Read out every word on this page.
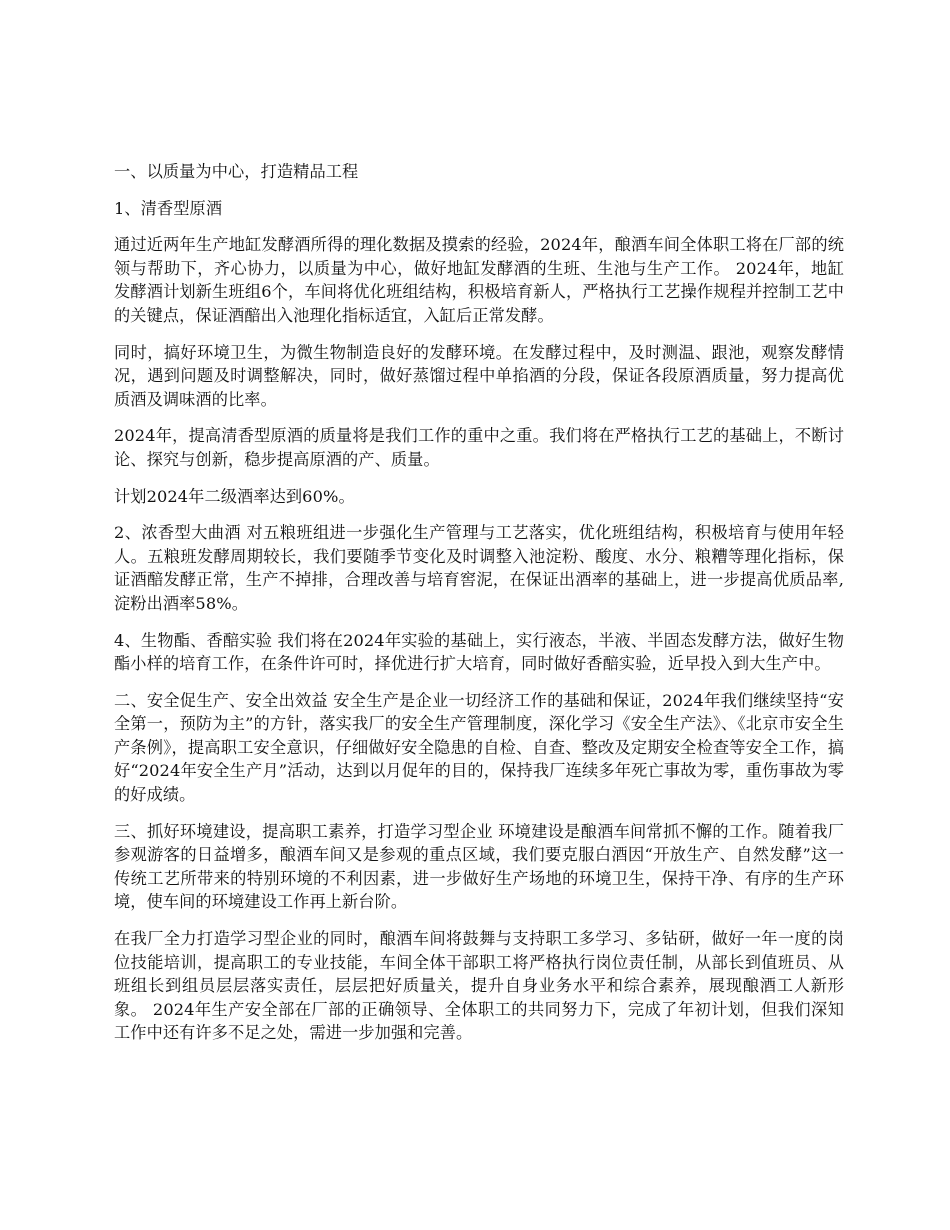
一、以质量为中心，打造精品工程

1、清香型原酒

通过近两年生产地缸发酵酒所得的理化数据及摸索的经验，2024年，酿酒车间全体职工将在厂部的统领与帮助下，齐心协力，以质量为中心，做好地缸发酵酒的生班、生池与生产工作。 2024年，地缸发酵酒计划新生班组6个，车间将优化班组结构，积极培育新人，严格执行工艺操作规程并控制工艺中的关键点，保证酒醅出入池理化指标适宜，入缸后正常发酵。

同时，搞好环境卫生，为微生物制造良好的发酵环境。在发酵过程中，及时测温、跟池，观察发酵情况，遇到问题及时调整解决，同时，做好蒸馏过程中单掐酒的分段，保证各段原酒质量，努力提高优质酒及调味酒的比率。

2024年，提高清香型原酒的质量将是我们工作的重中之重。我们将在严格执行工艺的基础上，不断讨论、探究与创新，稳步提高原酒的产、质量。

计划2024年二级酒率达到60%。

2、浓香型大曲酒 对五粮班组进一步强化生产管理与工艺落实，优化班组结构，积极培育与使用年轻人。五粮班发酵周期较长，我们要随季节变化及时调整入池淀粉、酸度、水分、粮糟等理化指标，保证酒醅发酵正常，生产不掉排，合理改善与培育窖泥，在保证出酒率的基础上，进一步提高优质品率,淀粉出酒率58%。

4、生物酯、香醅实验 我们将在2024年实验的基础上，实行液态，半液、半固态发酵方法，做好生物酯小样的培育工作，在条件许可时，择优进行扩大培育，同时做好香醅实验，近早投入到大生产中。

二、安全促生产、安全出效益 安全生产是企业一切经济工作的基础和保证，2024年我们继续坚持“安全第一，预防为主”的方针，落实我厂的安全生产管理制度，深化学习《安全生产法》、《北京市安全生产条例》，提高职工安全意识，仔细做好安全隐患的自检、自查、整改及定期安全检查等安全工作，搞好“2024年安全生产月”活动，达到以月促年的目的，保持我厂连续多年死亡事故为零，重伤事故为零的好成绩。

三、抓好环境建设，提高职工素养，打造学习型企业 环境建设是酿酒车间常抓不懈的工作。随着我厂参观游客的日益增多，酿酒车间又是参观的重点区域，我们要克服白酒因“开放生产、自然发酵”这一传统工艺所带来的特别环境的不利因素，进一步做好生产场地的环境卫生，保持干净、有序的生产环境，使车间的环境建设工作再上新台阶。

在我厂全力打造学习型企业的同时，酿酒车间将鼓舞与支持职工多学习、多钻研，做好一年一度的岗位技能培训，提高职工的专业技能，车间全体干部职工将严格执行岗位责任制，从部长到值班员、从班组长到组员层层落实责任，层层把好质量关，提升自身业务水平和综合素养，展现酿酒工人新形象。 2024年生产安全部在厂部的正确领导、全体职工的共同努力下，完成了年初计划，但我们深知工作中还有许多不足之处，需进一步加强和完善。
